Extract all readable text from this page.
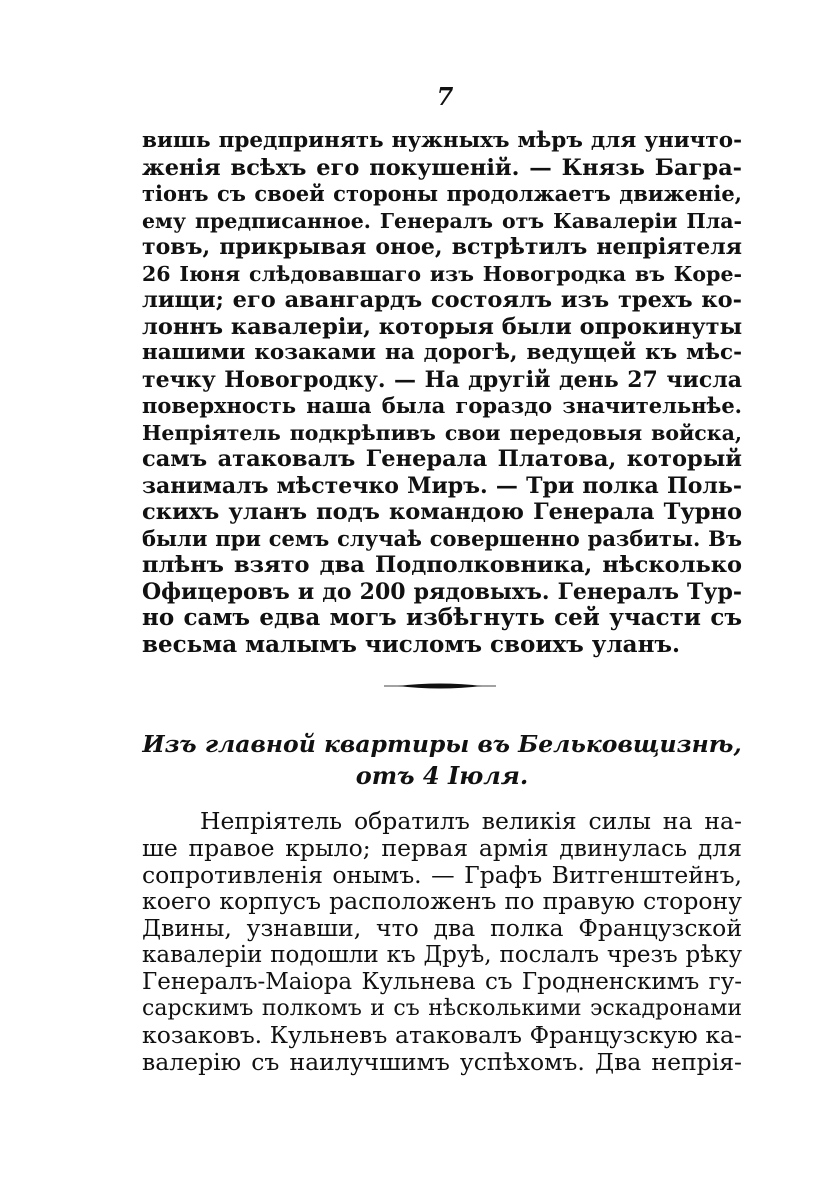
7
вишь предпринять нужныхъ мѣръ для уничто-
женія всѣхъ его покушеній. — Князь Багра-
тіонъ съ своей стороны продолжаетъ движеніе,
ему предписанное. Генералъ отъ Кавалеріи Пла-
товъ, прикрывая оное, встрѣтилъ непріятеля
26 Іюня слѣдовавшаго изъ Новогродка въ Коре-
лищи; его авангардъ состоялъ изъ трехъ ко-
лоннъ кавалеріи, которыя были опрокинуты
нашими козаками на дорогѣ, ведущей къ мѣс-
течку Новогродку. — На другій день 27 числа
поверхность наша была гораздо значительнѣе.
Непріятель подкрѣпивъ свои передовыя войска,
самъ атаковалъ Генерала Платова, который
занималъ мѣстечко Миръ. — Три полка Поль-
скихъ уланъ подъ командою Генерала Турно
были при семъ случаѣ совершенно разбиты. Въ
плѣнъ взято два Подполковника, нѣсколько
Офицеровъ и до 200 рядовыхъ. Генералъ Тур-
но самъ едва могъ избѣгнуть сей участи съ
весьма малымъ числомъ своихъ уланъ.
Изъ главной квартиры въ Бельковщизнѣ,
отъ 4 Іюля.
Непріятель обратилъ великія силы на на-
ше правое крыло; первая армія двинулась для
сопротивленія онымъ. — Графъ Витгенштейнъ,
коего корпусъ расположенъ по правую сторону
Двины, узнавши, что два полка Французской
кавалеріи подошли къ Друѣ, послалъ чрезъ рѣку
Генералъ-Маіора Кульнева съ Гродненскимъ гу-
сарскимъ полкомъ и съ нѣсколькими эскадронами
козаковъ. Кульневъ атаковалъ Французскую ка-
валерію съ наилучшимъ успѣхомъ. Два непрія-
